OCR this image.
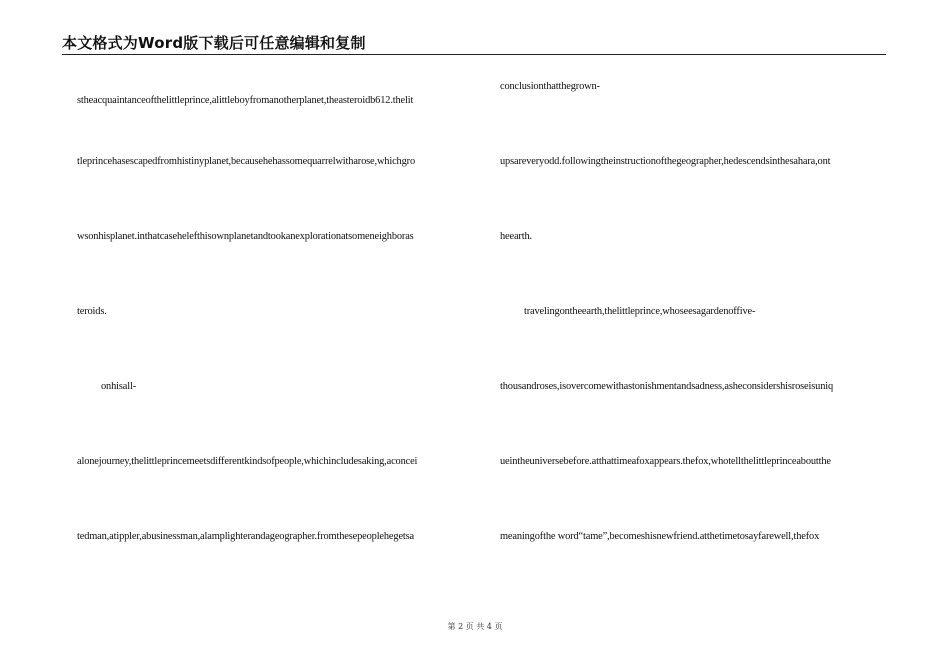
本文格式为Word版下载后可任意编辑和复制
stheacquaintanceofthelittleprince,alittleboyfromanotherplanet,theasteroidb612.thelit
tleprincehasescapedfromhistinyplanet,becausehehassomequarrelwitharose,whichgro
wsonhisplanet.inthatcasehelefthisownplanetandtookanexplorationatsomeneighboras
teroids.
onhisall-
alonejourney,thelittleprincemeetsdifferentkindsofpeople,whichincludesaking,aconcei
tedman,atippler,abusinessman,alamplighterandageographer.fromthesepeoplehegetsa
conclusionthatthegrown-
upsareveryodd.followingtheinstructionofthegeographer,hedescendsinthesahara,ont
heearth.
travelingontheearth,thelittleprince,whoseesagardenoffive-
thousandroses,isovercomewithastonishmentandsadness,asheconsidershisroseisuniq
ueintheuniversebefore.atthattimeafoxappears.thefox,whotellthelittleprinceaboutthe
meaningofthe word“tame”,becomeshisnewfriend.atthetimetosayfarewell,thefox
第 2 页 共 4 页
